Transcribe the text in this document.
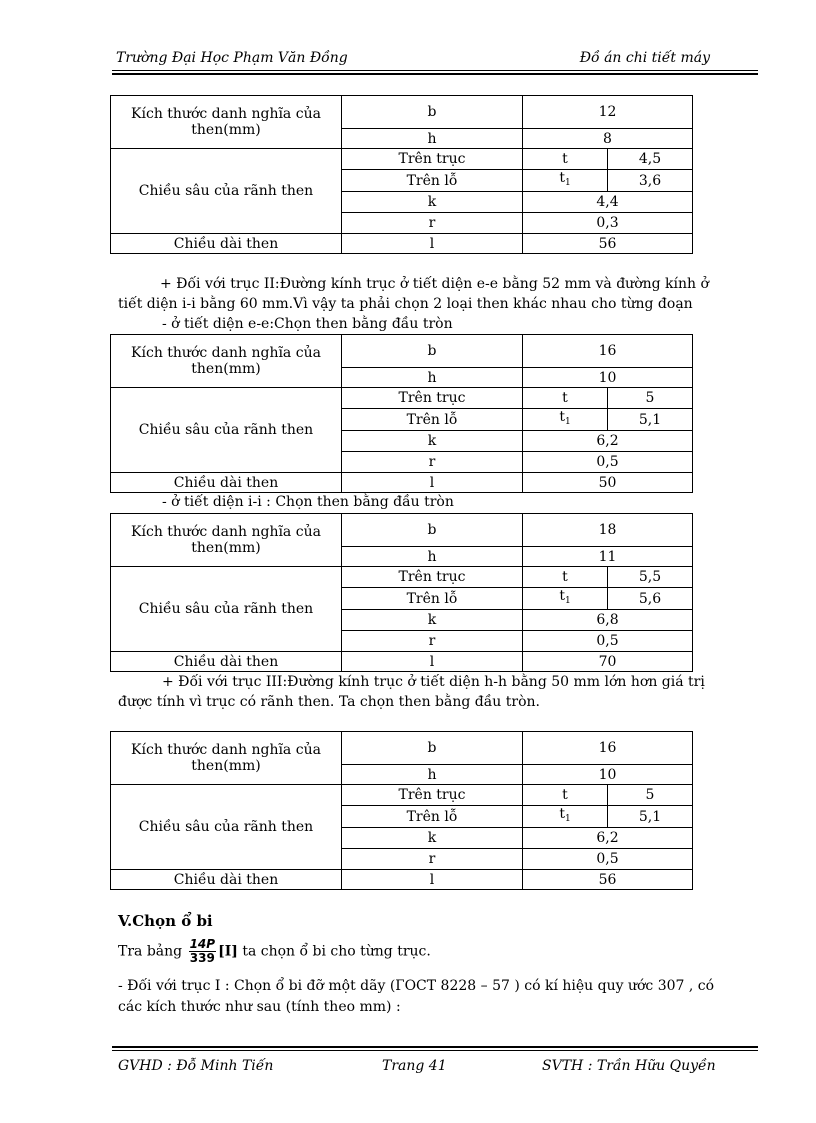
Trường Đại Học Phạm Văn Đồng	Đồ án chi tiết máy
Kích thước danh nghĩa của then(mm)	b	12	
	h	8	
Chiều sâu của rãnh then	Trên trục	t	4,5
	Trên lỗ	$t_1$	3,6
	k	4,4	
	r	0,3	
Chiều dài then	l	56	
+ Đối với trục II:Đường kính trục ở tiết diện e-e bằng 52 mm và đường kính ở
tiết diện i-i bằng 60 mm.Vì vậy ta phải chọn 2 loại then khác nhau cho từng đoạn
- ở tiết diện e-e:Chọn then bằng đầu tròn
Kích thước danh nghĩa của then(mm)	b	16	
	h	10	
Chiều sâu của rãnh then	Trên trục	t	5
	Trên lỗ	$t_1$	5,1
	k	6,2	
	r	0,5	
Chiều dài then	l	50	
- ở tiết diện i-i : Chọn then bằng đầu tròn
Kích thước danh nghĩa của then(mm)	b	18	
	h	11	
Chiều sâu của rãnh then	Trên trục	t	5,5
	Trên lỗ	$t_1$	5,6
	k	6,8	
	r	0,5	
Chiều dài then	l	70	
+ Đối với trục III:Đường kính trục ở tiết diện h-h bằng 50 mm lớn hơn giá trị
được tính vì trục có rãnh then. Ta chọn then bằng đầu tròn.
Kích thước danh nghĩa của then(mm)	b	16	
	h	10	
Chiều sâu của rãnh then	Trên trục	t	5
	Trên lỗ	$t_1$	5,1
	k	6,2	
	r	0,5	
Chiều dài then	l	56	
V.Chọn ổ bi
Tra bảng $\frac{14P}{339} [I]$ ta chọn ổ bi cho từng trục.
- Đối với trục I : Chọn ổ bi đỡ một dãy (ГОСТ 8228 – 57 ) có kí hiệu quy ước 307 , có
các kích thước như sau (tính theo mm) :
GVHD : Đỗ Minh Tiến	Trang 41	SVTH : Trần Hữu Quyền
